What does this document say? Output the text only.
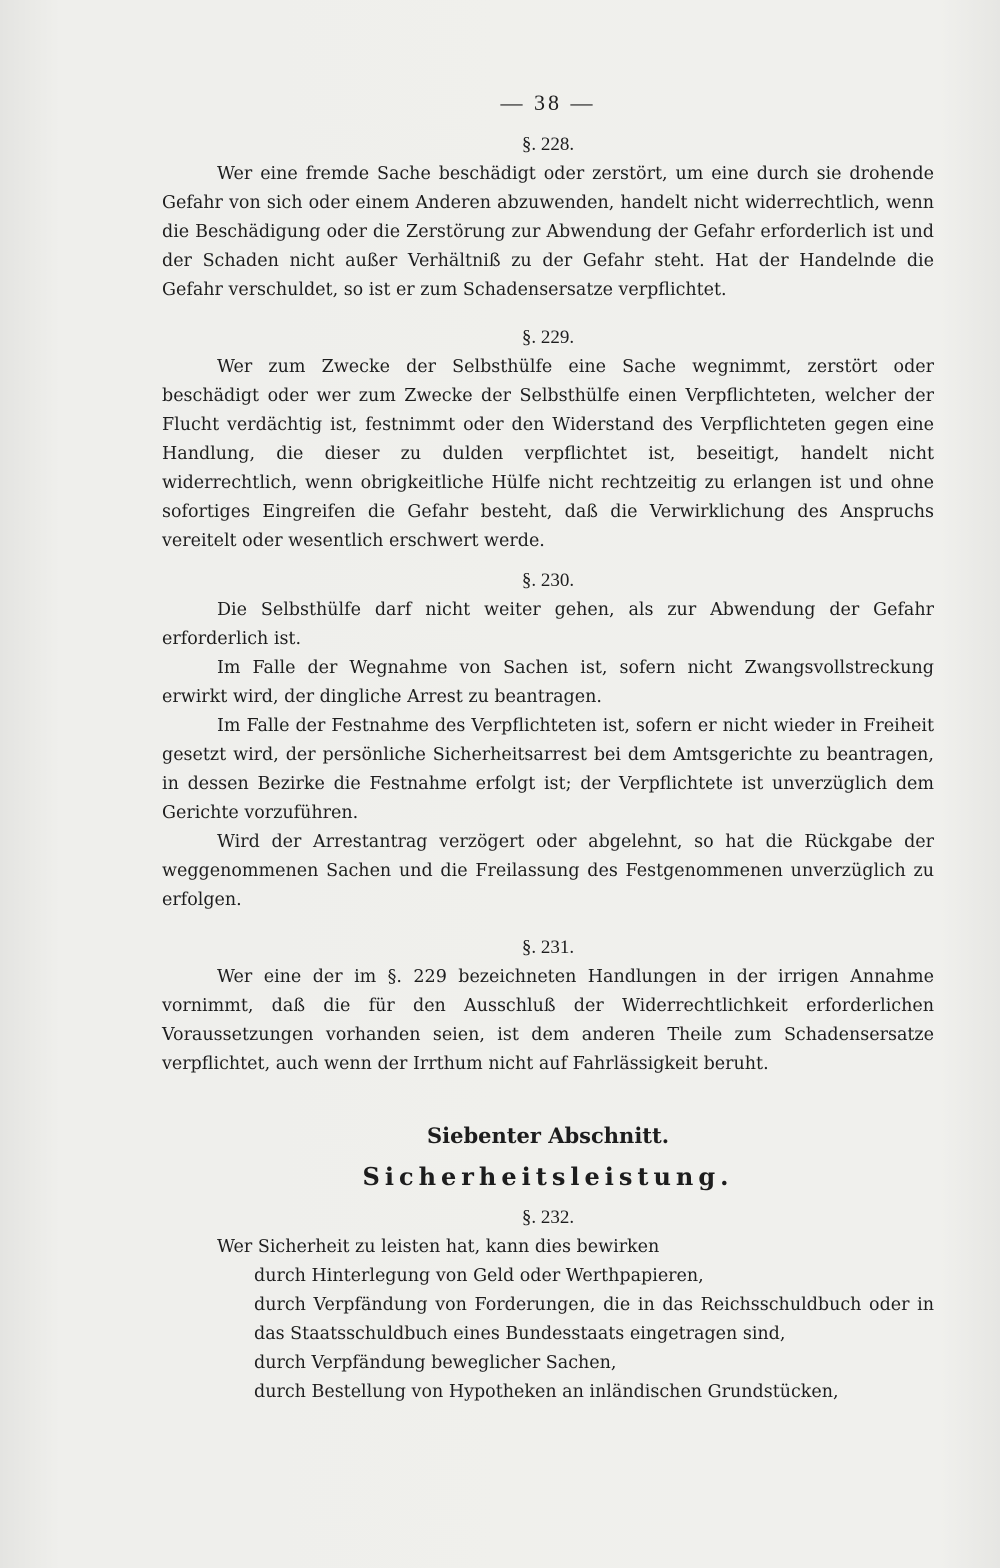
— 38 —
§. 228.

Wer eine fremde Sache beschädigt oder zerstört, um eine durch sie drohende Gefahr von sich oder einem Anderen abzuwenden, handelt nicht widerrechtlich, wenn die Beschädigung oder die Zerstörung zur Abwendung der Gefahr erforderlich ist und der Schaden nicht außer Verhältniß zu der Gefahr steht. Hat der Handelnde die Gefahr verschuldet, so ist er zum Schadensersatze verpflichtet.

§. 229.

Wer zum Zwecke der Selbsthülfe eine Sache wegnimmt, zerstört oder beschädigt oder wer zum Zwecke der Selbsthülfe einen Verpflichteten, welcher der Flucht verdächtig ist, festnimmt oder den Widerstand des Verpflichteten gegen eine Handlung, die dieser zu dulden verpflichtet ist, beseitigt, handelt nicht widerrechtlich, wenn obrigkeitliche Hülfe nicht rechtzeitig zu erlangen ist und ohne sofortiges Eingreifen die Gefahr besteht, daß die Verwirklichung des Anspruchs vereitelt oder wesentlich erschwert werde.

§. 230.

Die Selbsthülfe darf nicht weiter gehen, als zur Abwendung der Gefahr erforderlich ist.

Im Falle der Wegnahme von Sachen ist, sofern nicht Zwangsvollstreckung erwirkt wird, der dingliche Arrest zu beantragen.

Im Falle der Festnahme des Verpflichteten ist, sofern er nicht wieder in Freiheit gesetzt wird, der persönliche Sicherheitsarrest bei dem Amtsgerichte zu beantragen, in dessen Bezirke die Festnahme erfolgt ist; der Verpflichtete ist unverzüglich dem Gerichte vorzuführen.

Wird der Arrestantrag verzögert oder abgelehnt, so hat die Rückgabe der weggenommenen Sachen und die Freilassung des Festgenommenen unverzüglich zu erfolgen.

§. 231.

Wer eine der im §. 229 bezeichneten Handlungen in der irrigen Annahme vornimmt, daß die für den Ausschluß der Widerrechtlichkeit erforderlichen Voraussetzungen vorhanden seien, ist dem anderen Theile zum Schadensersatze verpflichtet, auch wenn der Irrthum nicht auf Fahrlässigkeit beruht.

Siebenter Abschnitt.
Sicherheitsleistung.
§. 232.

Wer Sicherheit zu leisten hat, kann dies bewirken

durch Hinterlegung von Geld oder Werthpapieren,

durch Verpfändung von Forderungen, die in das Reichsschuldbuch oder in das Staatsschuldbuch eines Bundesstaats eingetragen sind,

durch Verpfändung beweglicher Sachen,

durch Bestellung von Hypotheken an inländischen Grundstücken,
